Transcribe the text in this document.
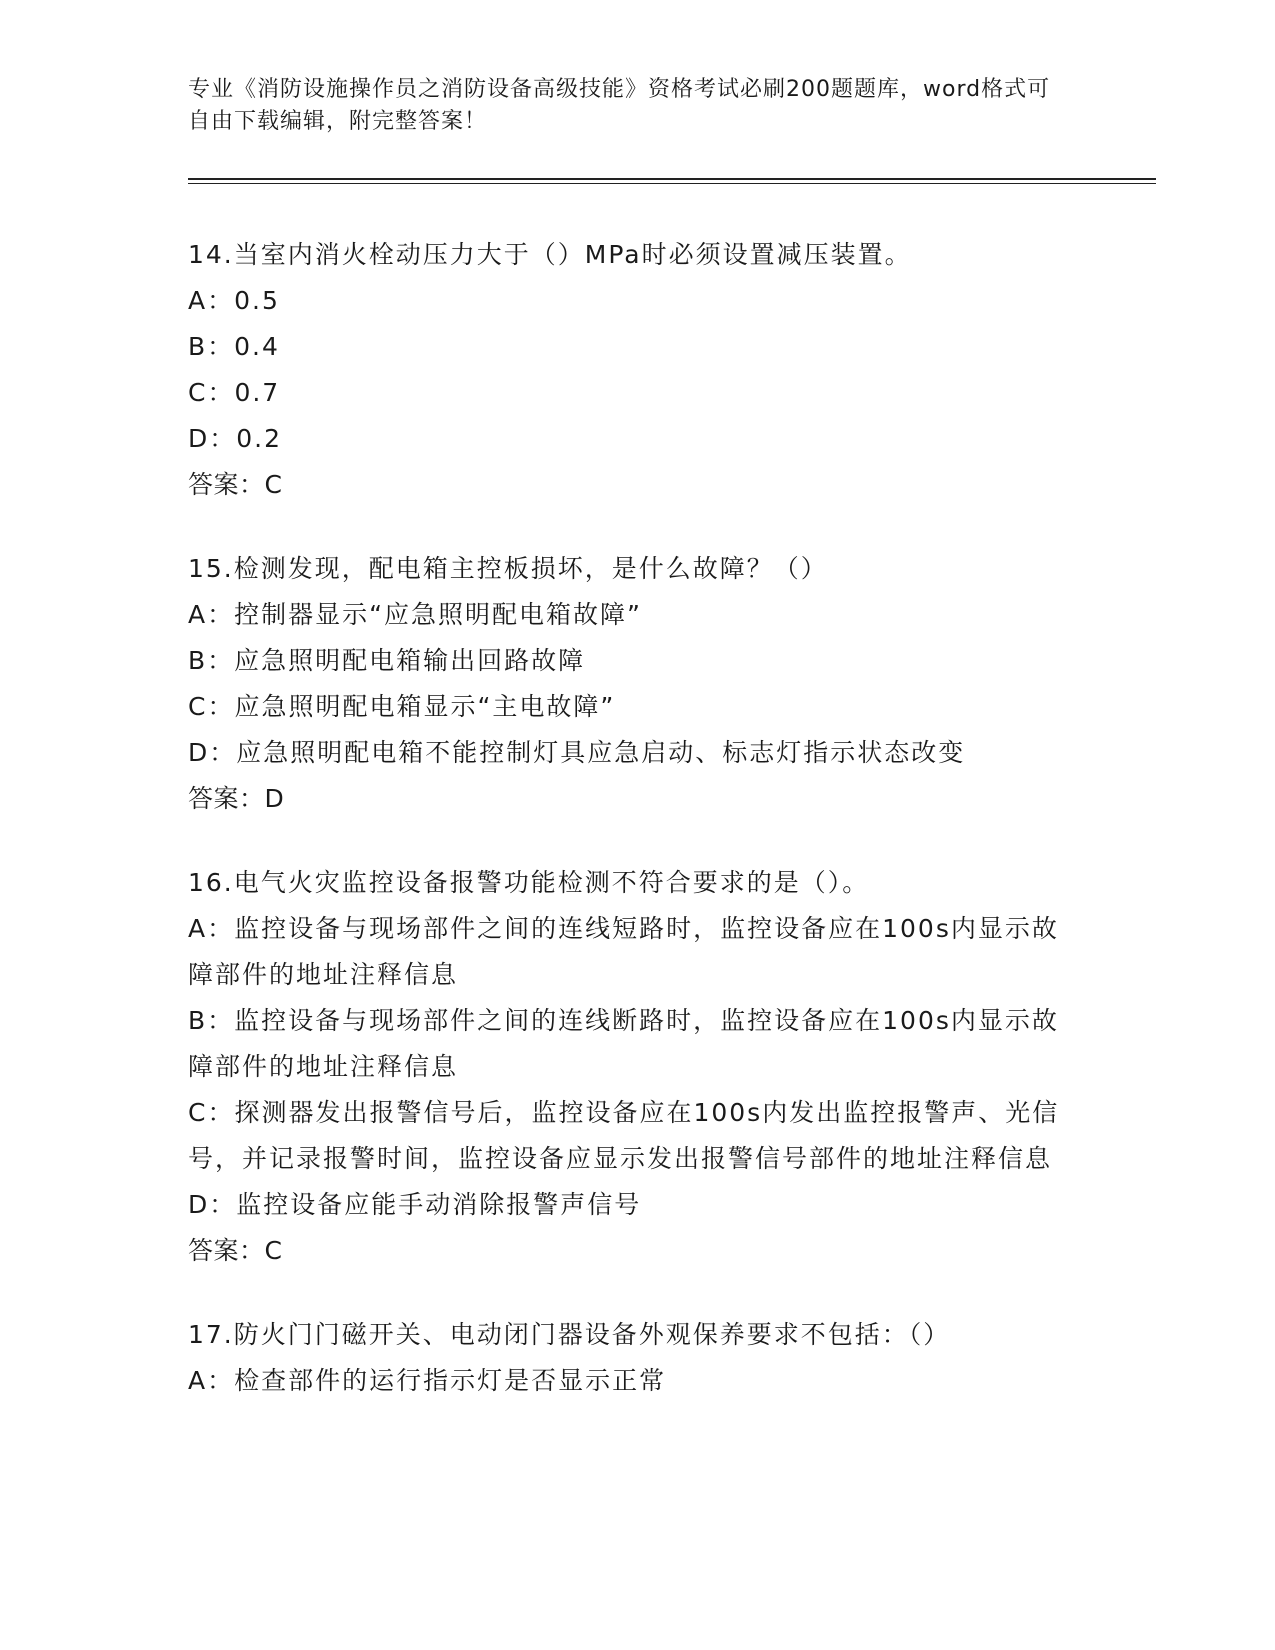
专业《消防设施操作员之消防设备高级技能》资格考试必刷200题题库，word格式可自由下载编辑，附完整答案！
14.当室内消火栓动压力大于（）MPa时必须设置减压装置。
A：0.5
B：0.4
C：0.7
D：0.2
答案：C
15.检测发现，配电箱主控板损坏，是什么故障？（）
A：控制器显示“应急照明配电箱故障”
B：应急照明配电箱输出回路故障
C：应急照明配电箱显示“主电故障”
D：应急照明配电箱不能控制灯具应急启动、标志灯指示状态改变
答案：D
16.电气火灾监控设备报警功能检测不符合要求的是（）。
A：监控设备与现场部件之间的连线短路时，监控设备应在100s内显示故障部件的地址注释信息
B：监控设备与现场部件之间的连线断路时，监控设备应在100s内显示故障部件的地址注释信息
C：探测器发出报警信号后，监控设备应在100s内发出监控报警声、光信号，并记录报警时间，监控设备应显示发出报警信号部件的地址注释信息
D：监控设备应能手动消除报警声信号
答案：C
17.防火门门磁开关、电动闭门器设备外观保养要求不包括：（）
A：检查部件的运行指示灯是否显示正常
